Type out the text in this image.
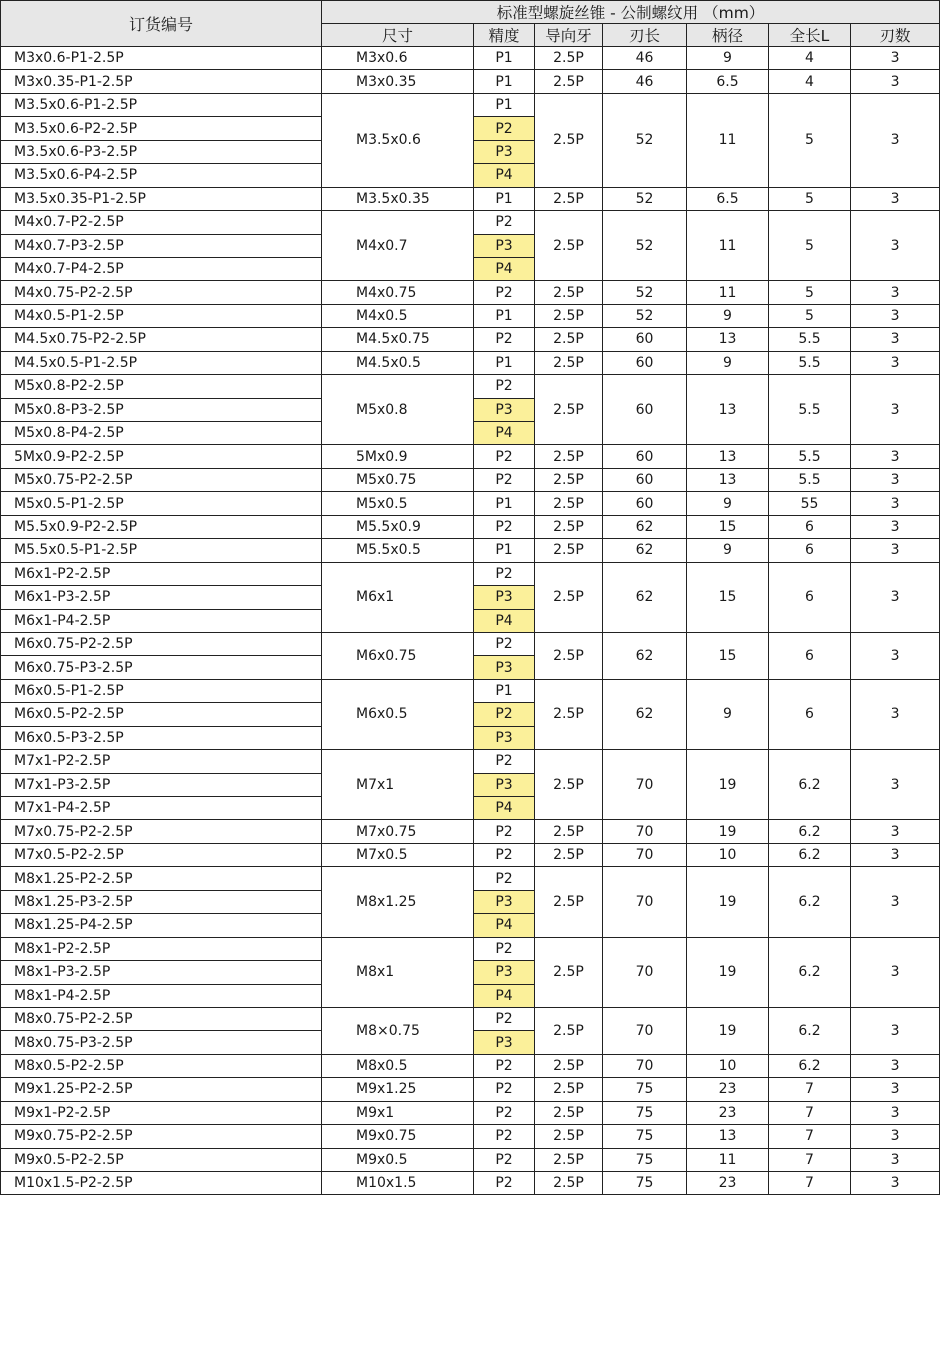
订货编号	标准型螺旋丝锥 - 公制螺纹用 （mm）						
	尺寸	精度	导向牙	刃长	柄径	全长L	刃数
M3x0.6-P1-2.5P	M3x0.6	P1	2.5P	46	9	4	3
M3x0.35-P1-2.5P	M3x0.35	P1	2.5P	46	6.5	4	3
M3.5x0.6-P1-2.5P	M3.5x0.6	P1	2.5P	52	11	5	3
M3.5x0.6-P2-2.5P		P2					
M3.5x0.6-P3-2.5P		P3					
M3.5x0.6-P4-2.5P		P4					
M3.5x0.35-P1-2.5P	M3.5x0.35	P1	2.5P	52	6.5	5	3
M4x0.7-P2-2.5P	M4x0.7	P2	2.5P	52	11	5	3
M4x0.7-P3-2.5P		P3					
M4x0.7-P4-2.5P		P4					
M4x0.75-P2-2.5P	M4x0.75	P2	2.5P	52	11	5	3
M4x0.5-P1-2.5P	M4x0.5	P1	2.5P	52	9	5	3
M4.5x0.75-P2-2.5P	M4.5x0.75	P2	2.5P	60	13	5.5	3
M4.5x0.5-P1-2.5P	M4.5x0.5	P1	2.5P	60	9	5.5	3
M5x0.8-P2-2.5P	M5x0.8	P2	2.5P	60	13	5.5	3
M5x0.8-P3-2.5P		P3					
M5x0.8-P4-2.5P		P4					
5Mx0.9-P2-2.5P	5Mx0.9	P2	2.5P	60	13	5.5	3
M5x0.75-P2-2.5P	M5x0.75	P2	2.5P	60	13	5.5	3
M5x0.5-P1-2.5P	M5x0.5	P1	2.5P	60	9	55	3
M5.5x0.9-P2-2.5P	M5.5x0.9	P2	2.5P	62	15	6	3
M5.5x0.5-P1-2.5P	M5.5x0.5	P1	2.5P	62	9	6	3
M6x1-P2-2.5P	M6x1	P2	2.5P	62	15	6	3
M6x1-P3-2.5P		P3					
M6x1-P4-2.5P		P4					
M6x0.75-P2-2.5P	M6x0.75	P2	2.5P	62	15	6	3
M6x0.75-P3-2.5P		P3					
M6x0.5-P1-2.5P	M6x0.5	P1	2.5P	62	9	6	3
M6x0.5-P2-2.5P		P2					
M6x0.5-P3-2.5P		P3					
M7x1-P2-2.5P	M7x1	P2	2.5P	70	19	6.2	3
M7x1-P3-2.5P		P3					
M7x1-P4-2.5P		P4					
M7x0.75-P2-2.5P	M7x0.75	P2	2.5P	70	19	6.2	3
M7x0.5-P2-2.5P	M7x0.5	P2	2.5P	70	10	6.2	3
M8x1.25-P2-2.5P	M8x1.25	P2	2.5P	70	19	6.2	3
M8x1.25-P3-2.5P		P3					
M8x1.25-P4-2.5P		P4					
M8x1-P2-2.5P	M8x1	P2	2.5P	70	19	6.2	3
M8x1-P3-2.5P		P3					
M8x1-P4-2.5P		P4					
M8x0.75-P2-2.5P	M8×0.75	P2	2.5P	70	19	6.2	3
M8x0.75-P3-2.5P		P3					
M8x0.5-P2-2.5P	M8x0.5	P2	2.5P	70	10	6.2	3
M9x1.25-P2-2.5P	M9x1.25	P2	2.5P	75	23	7	3
M9x1-P2-2.5P	M9x1	P2	2.5P	75	23	7	3
M9x0.75-P2-2.5P	M9x0.75	P2	2.5P	75	13	7	3
M9x0.5-P2-2.5P	M9x0.5	P2	2.5P	75	11	7	3
M10x1.5-P2-2.5P	M10x1.5	P2	2.5P	75	23	7	3
